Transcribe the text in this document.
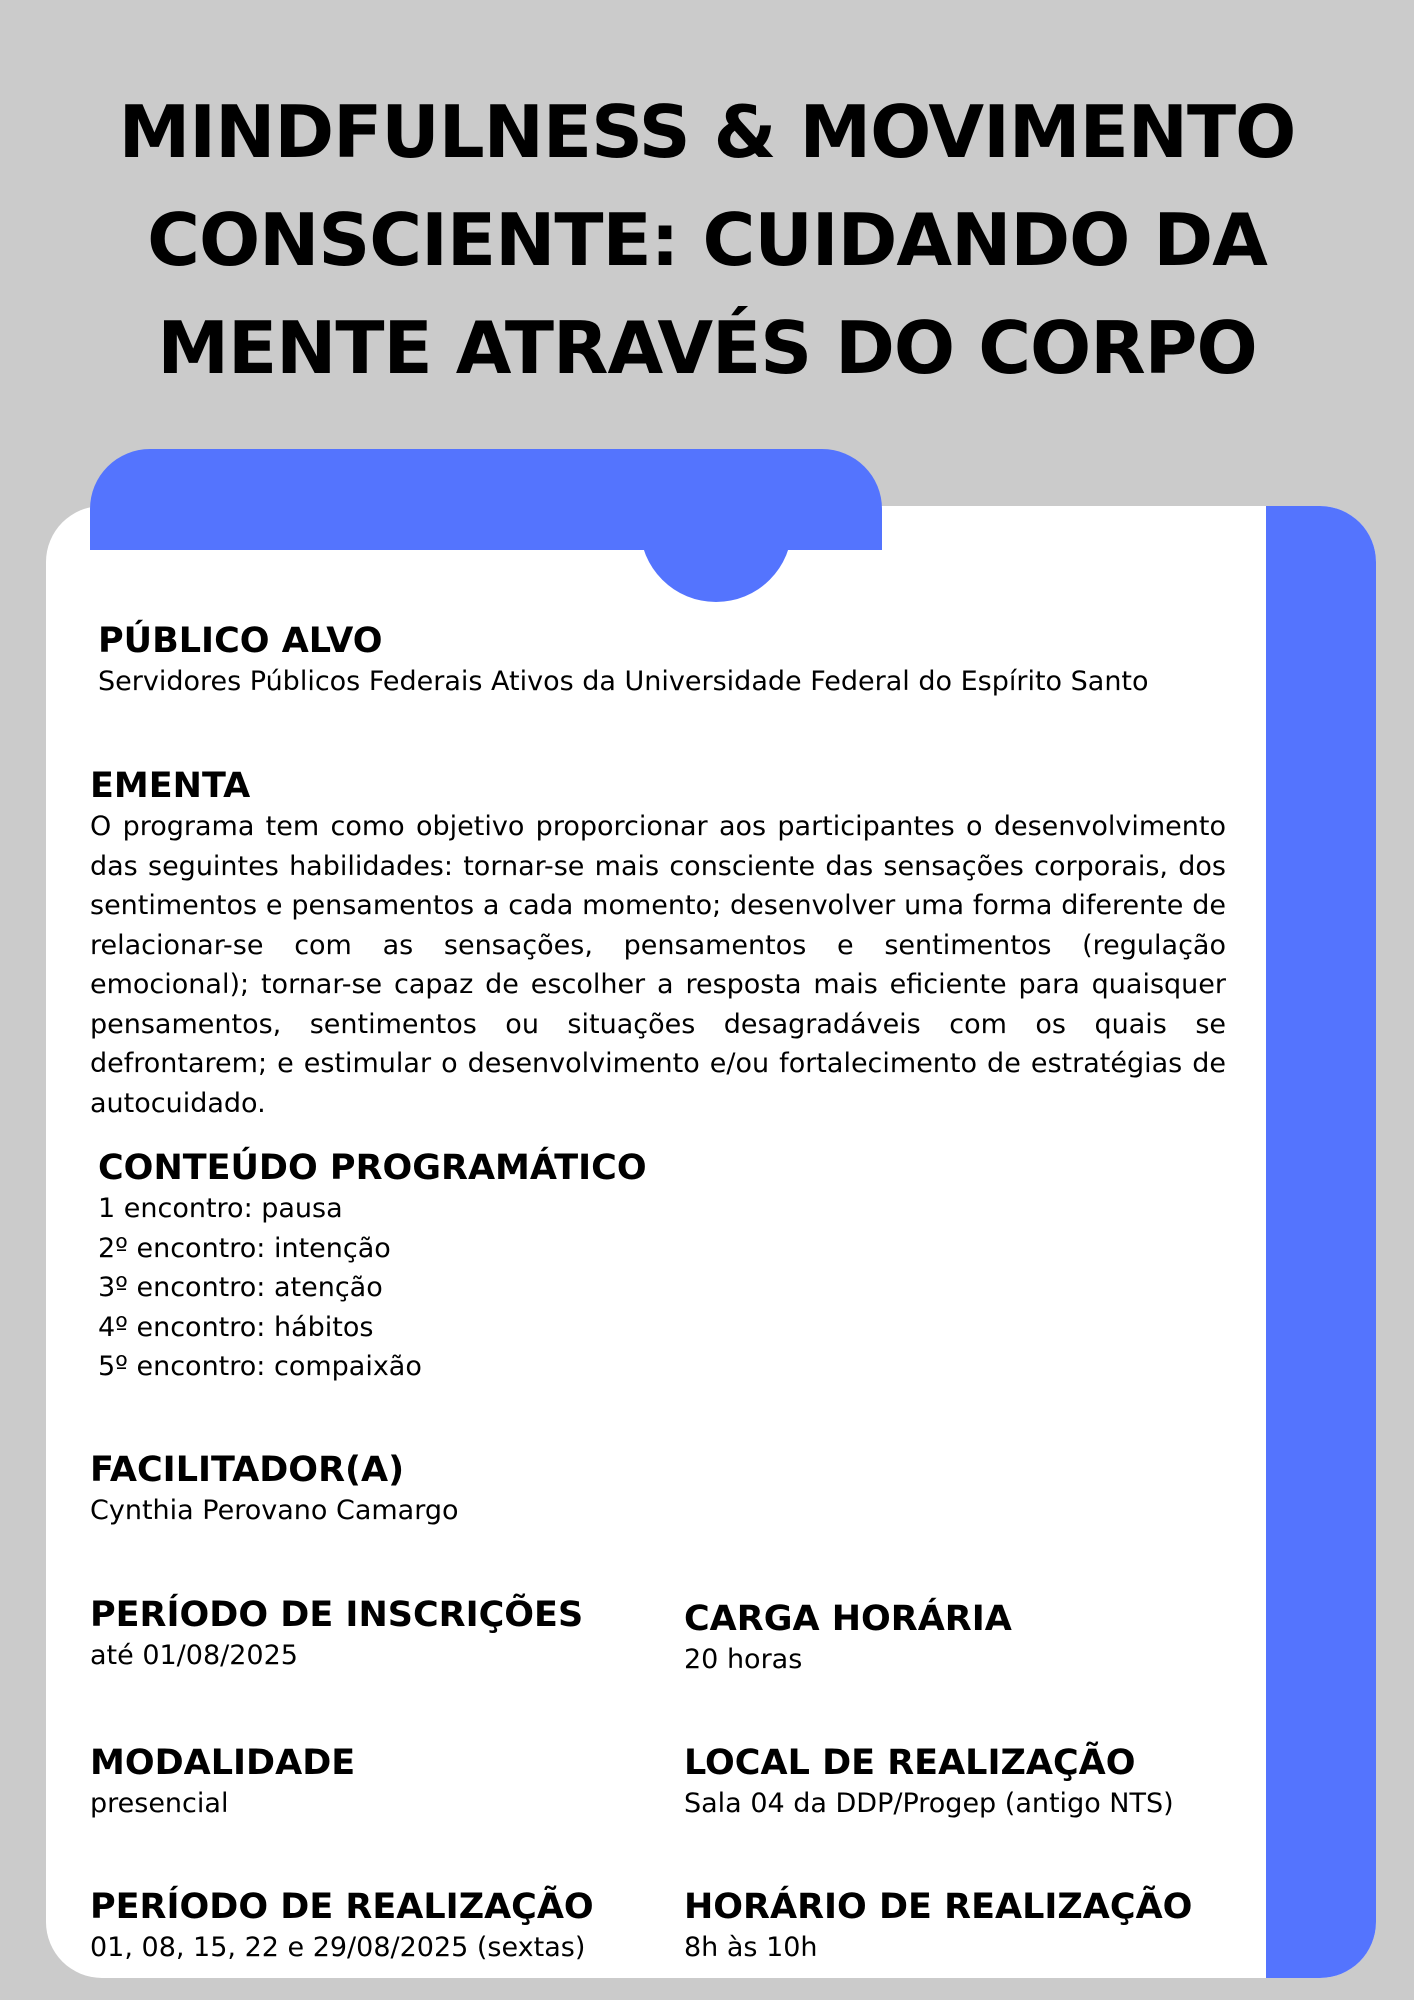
MINDFULNESS & MOVIMENTO CONSCIENTE: CUIDANDO DA MENTE ATRAVÉS DO CORPO
PÚBLICO ALVO

Servidores Públicos Federais Ativos da Universidade Federal do Espírito Santo

EMENTA

O programa tem como objetivo proporcionar aos participantes o desenvolvimento das seguintes habilidades: tornar-se mais consciente das sensações corporais, dos sentimentos e pensamentos a cada momento; desenvolver uma forma diferente de relacionar-se com as sensações, pensamentos e sentimentos (regulação emocional); tornar-se capaz de escolher a resposta mais eficiente para quaisquer pensamentos, sentimentos ou situações desagradáveis com os quais se defrontarem; e estimular o desenvolvimento e/ou fortalecimento de estratégias de autocuidado.

CONTEÚDO PROGRAMÁTICO
1 encontro: pausa
2º encontro: intenção
3º encontro: atenção
4º encontro: hábitos
5º encontro: compaixão
FACILITADOR(A)

Cynthia Perovano Camargo

PERÍODO DE INSCRIÇÕES

até 01/08/2025

CARGA HORÁRIA

20 horas

MODALIDADE

presencial

LOCAL DE REALIZAÇÃO

Sala 04 da DDP/Progep (antigo NTS)

PERÍODO DE REALIZAÇÃO

01, 08, 15, 22 e 29/08/2025 (sextas)

HORÁRIO DE REALIZAÇÃO

8h às 10h
